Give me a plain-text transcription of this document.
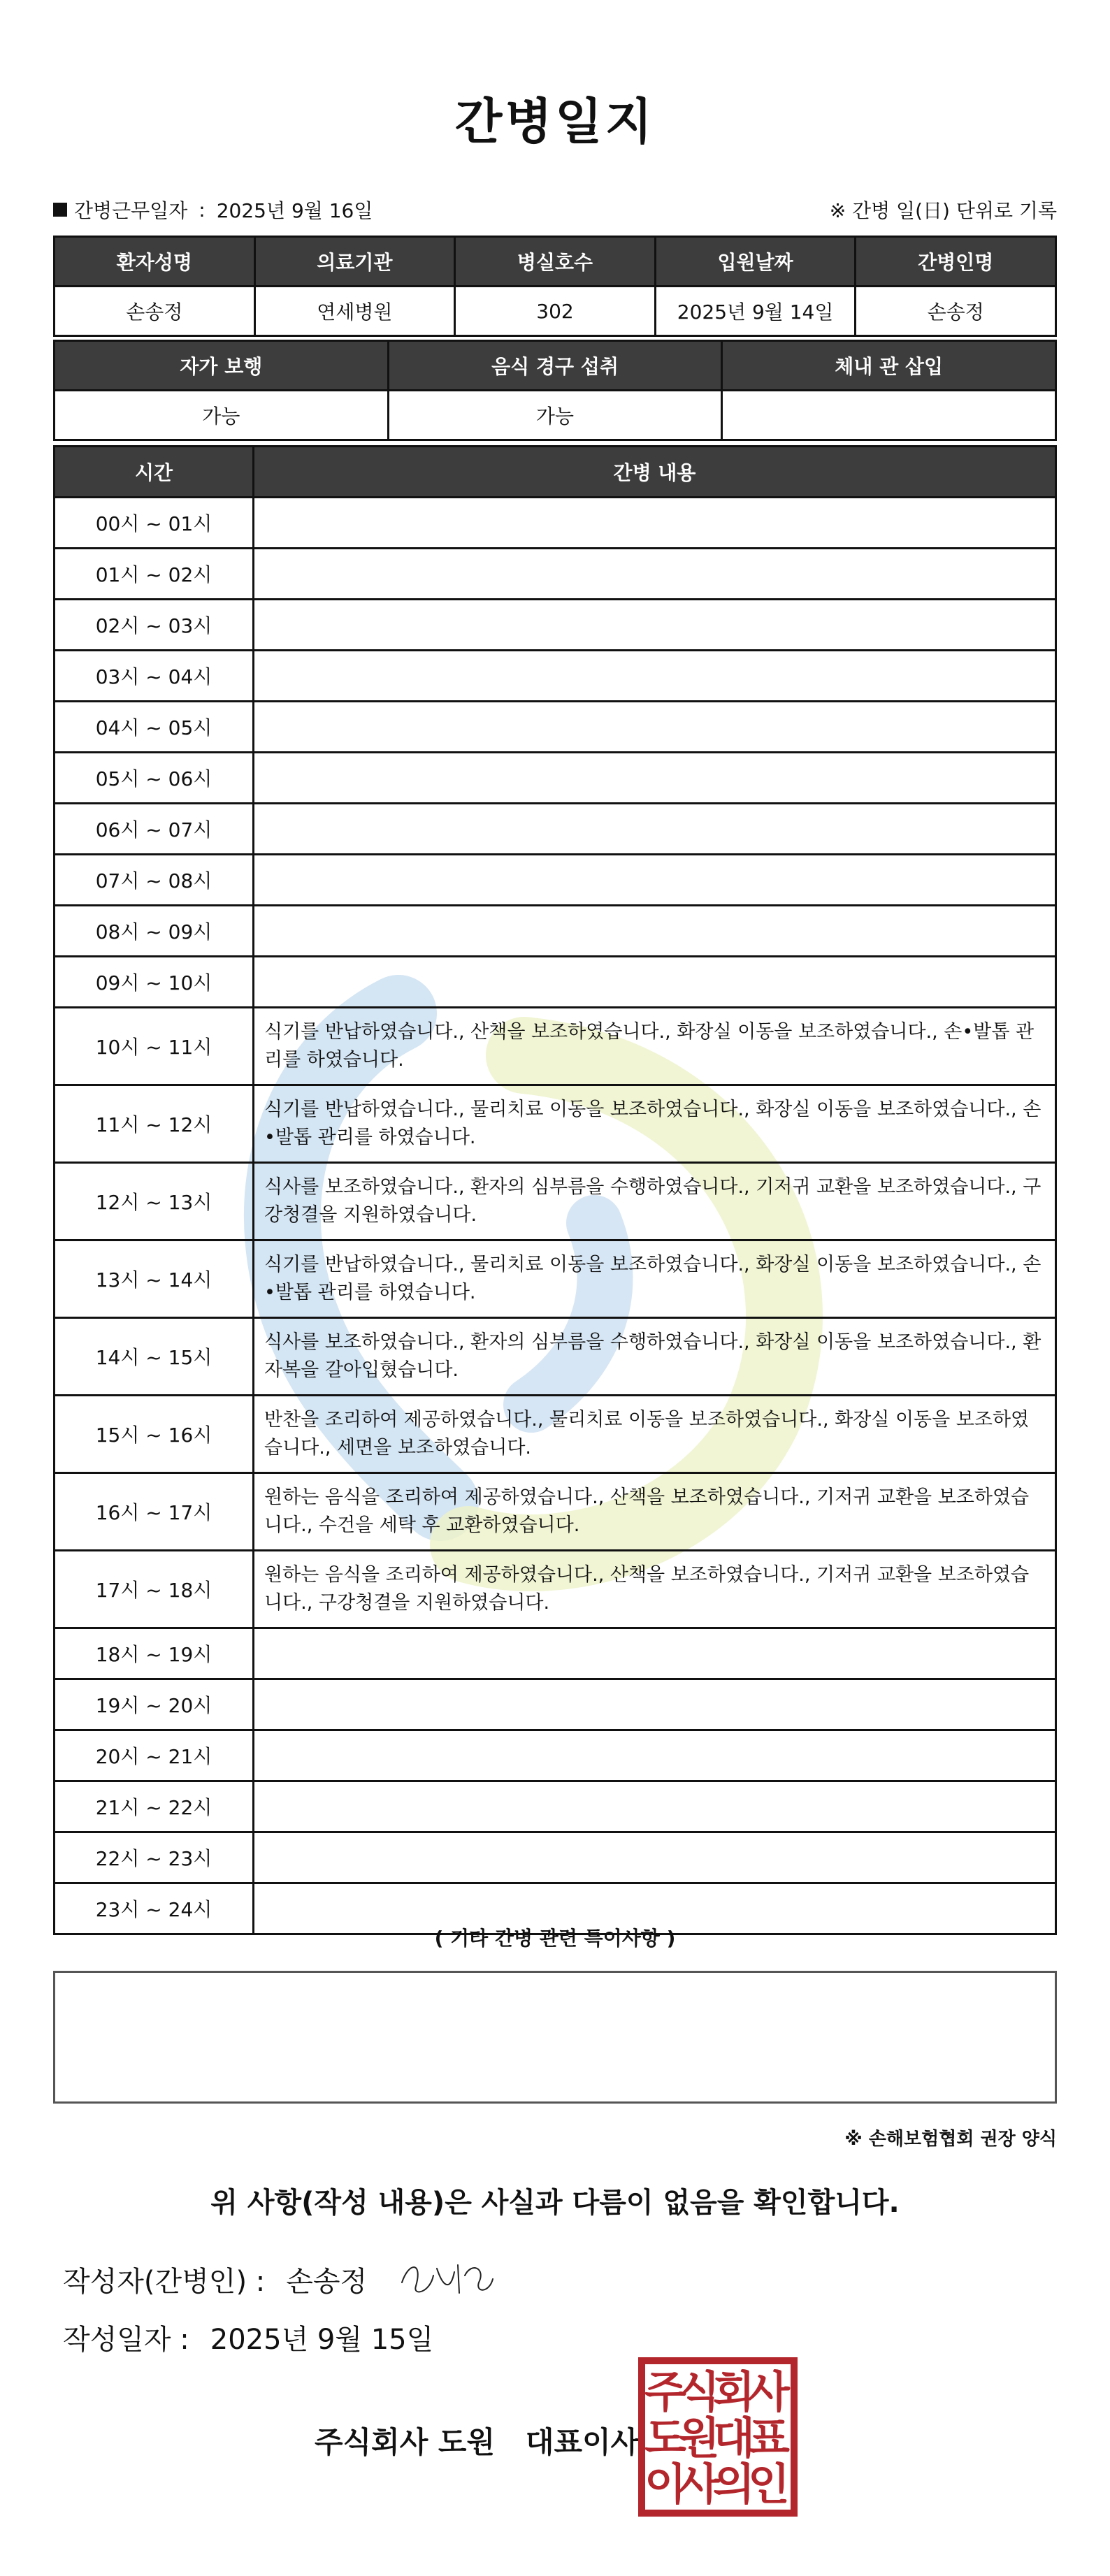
간병일지
간병근무일자 : 2025년 9월 16일	※ 간병 일(日) 단위로 기록
환자성명	의료기관	병실호수	입원날짜	간병인명
손송정	연세병원	302	2025년 9월 14일	손송정
자가 보행	음식 경구 섭취	체내 관 삽입
가능	가능	
시간	간병 내용
00시 ~ 01시	
01시 ~ 02시	
02시 ~ 03시	
03시 ~ 04시	
04시 ~ 05시	
05시 ~ 06시	
06시 ~ 07시	
07시 ~ 08시	
08시 ~ 09시	
09시 ~ 10시	
10시 ~ 11시	식기를 반납하였습니다., 산책을 보조하였습니다., 화장실 이동을 보조하였습니다., 손•발톱 관리를 하였습니다.
11시 ~ 12시	식기를 반납하였습니다., 물리치료 이동을 보조하였습니다., 화장실 이동을 보조하였습니다., 손•발톱 관리를 하였습니다.
12시 ~ 13시	식사를 보조하였습니다., 환자의 심부름을 수행하였습니다., 기저귀 교환을 보조하였습니다., 구강청결을 지원하였습니다.
13시 ~ 14시	식기를 반납하였습니다., 물리치료 이동을 보조하였습니다., 화장실 이동을 보조하였습니다., 손•발톱 관리를 하였습니다.
14시 ~ 15시	식사를 보조하였습니다., 환자의 심부름을 수행하였습니다., 화장실 이동을 보조하였습니다., 환자복을 갈아입혔습니다.
15시 ~ 16시	반찬을 조리하여 제공하였습니다., 물리치료 이동을 보조하였습니다., 화장실 이동을 보조하였습니다., 세면을 보조하였습니다.
16시 ~ 17시	원하는 음식을 조리하여 제공하였습니다., 산책을 보조하였습니다., 기저귀 교환을 보조하였습니다., 수건을 세탁 후 교환하였습니다.
17시 ~ 18시	원하는 음식을 조리하여 제공하였습니다., 산책을 보조하였습니다., 기저귀 교환을 보조하였습니다., 구강청결을 지원하였습니다.
18시 ~ 19시	
19시 ~ 20시	
20시 ~ 21시	
21시 ~ 22시	
22시 ~ 23시	
23시 ~ 24시	
( 기타 간병 관련 특이사항 )
※ 손해보험협회 권장 양식
위 사항(작성 내용)은 사실과 다름이 없음을 확인합니다.
작성자(간병인) : 손송정
작성일자 : 2025년 9월 15일
주식회사 도원   대표이사
주
식
회
사
도
원
대
표
이
사
의
인
